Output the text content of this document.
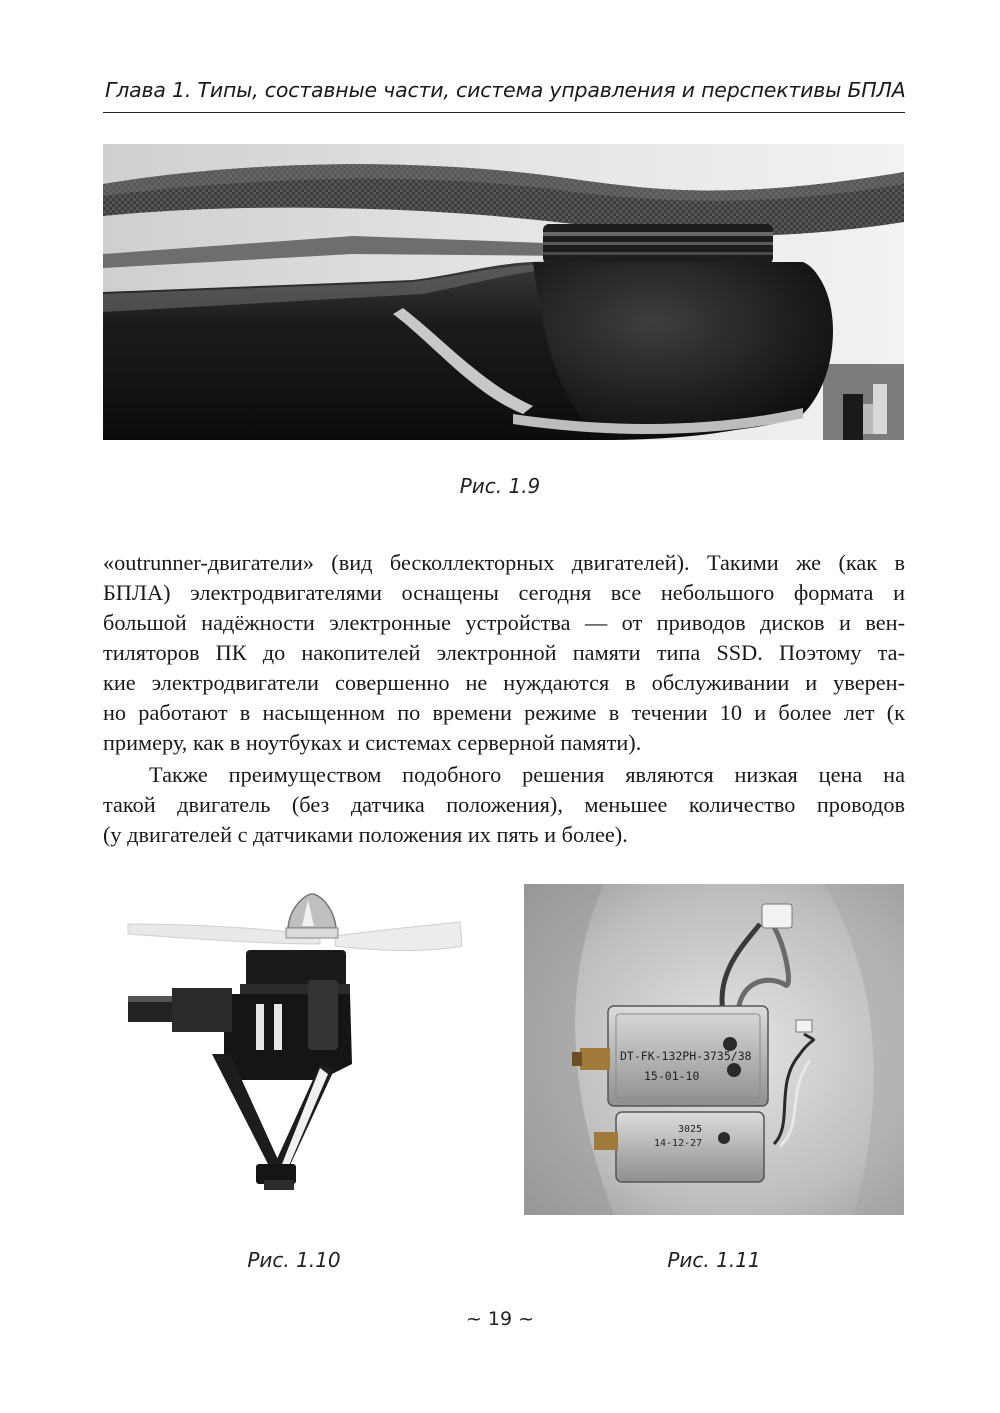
Глава 1. Типы, составные части, система управления и перспективы БПЛА
Рис. 1.9

«outrunner-двигатели» (вид бесколлекторных двигателей). Такими же (как в
БПЛА) электродвигателями оснащены сегодня все небольшого формата и
большой надёжности электронные устройства — от приводов дисков и вен-
тиляторов ПК до накопителей электронной памяти типа SSD. Поэтому та-
кие электродвигатели совершенно не нуждаются в обслуживании и уверен-
но работают в насыщенном по времени режиме в течении 10 и более лет (к
примеру, как в ноутбуках и системах серверной памяти).

Также преимуществом подобного решения являются низкая цена на
такой двигатель (без датчика положения), меньшее количество проводов
(у двигателей с датчиками положения их пять и более).

Рис. 1.10
DT-FK-132PH-3735/38
15-01-10
3025
14-12-27
Рис. 1.11
~ 19 ~
